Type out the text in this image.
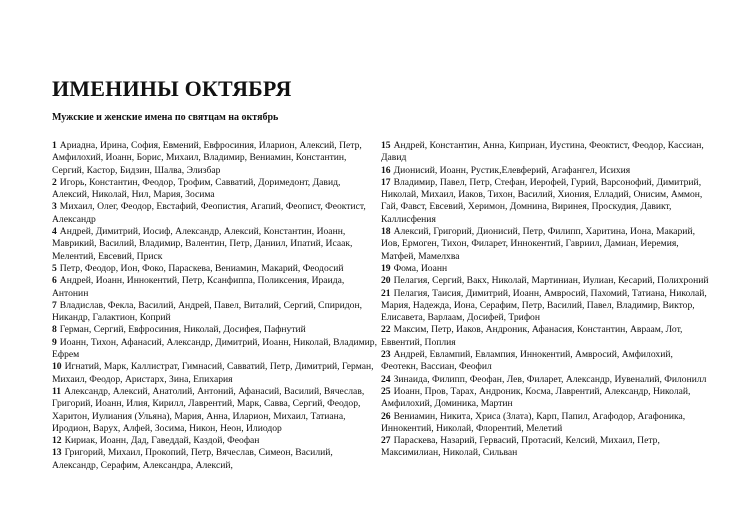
ИМЕНИНЫ ОКТЯБРЯ
Мужские и женские имена по святцам на октябрь

1 Ариадна, Ирина, София, Евмений, Евфросиния, Иларион, Алексий, Петр, Амфилохий, Иоанн, Борис, Михаил, Владимир, Вениамин, Константин, Сергий, Кастор, Бидзин, Шалва, Элизбар

2 Игорь, Константин, Феодор, Трофим, Савватий, Доримедонт, Давид, Алексий, Николай, Нил, Мария, Зосима

3 Михаил, Олег, Феодор, Евстафий, Феопистия, Агапий, Феопист, Феоктист, Александр

4 Андрей, Димитрий, Иосиф, Александр, Алексий, Константин, Иоанн, Маврикий, Василий, Владимир, Валентин, Петр, Даниил, Ипатий, Исаак, Мелентий, Евсевий, Приск

5 Петр, Феодор, Ион, Фоко, Параскева, Вениамин, Макарий, Феодосий

6 Андрей, Иоанн, Иннокентий, Петр, Ксанфиппа, Поликсения, Ираида, Антонин

7 Владислав, Фекла, Василий, Андрей, Павел, Виталий, Сергий, Спиридон, Никандр, Галактион, Коприй

8 Герман, Сергий, Евфросиния, Николай, Досифея, Пафнутий

9 Иоанн, Тихон, Афанасий, Александр, Димитрий, Иоанн, Николай, Владимир, Ефрем

10 Игнатий, Марк, Каллистрат, Гимнасий, Савватий, Петр, Димитрий, Герман, Михаил, Феодор, Аристарх, Зина, Епихария

11 Александр, Алексий, Анатолий, Антоний, Афанасий, Василий, Вячеслав, Григорий, Иоанн, Илия, Кирилл, Лаврентий, Марк, Савва, Сергий, Феодор, Харитон, Иулиания (Ульяна), Мария, Анна, Иларион, Михаил, Татиана, Иродион, Варух, Алфей, Зосима, Никон, Неон, Илиодор

12 Кириак, Иоанн, Дад, Гаведдай, Каздой, Феофан

13 Григорий, Михаил, Прокопий, Петр, Вячеслав, Симеон, Василий, Александр, Серафим, Александра, Алексий,

15 Андрей, Константин, Анна, Киприан, Иустина, Феоктист, Феодор, Кассиан, Давид

16 Дионисий, Иоанн, Рустик,Елевферий, Агафангел, Исихия

17 Владимир, Павел, Петр, Стефан, Иерофей, Гурий, Варсонофий, Димитрий, Николай, Михаил, Иаков, Тихон, Василий, Хиония, Елладий, Онисим, Аммон, Гай, Фавст, Евсевий, Херимон, Домнина, Виринея, Проскудия, Давикт, Каллисфения

18 Алексий, Григорий, Дионисий, Петр, Филипп, Харитина, Иона, Макарий, Иов, Ермоген, Тихон, Филарет, Иннокентий, Гавриил, Дамиан, Иеремия, Матфей, Мамелхва

19 Фома, Иоанн

20 Пелагия, Сергий, Вакх, Николай, Мартиниан, Иулиан, Кесарий, Полихроний

21 Пелагия, Таисия, Димитрий, Иоанн, Амвросий, Пахомий, Татиана, Николай, Мария, Надежда, Иона, Серафим, Петр, Василий, Павел, Владимир, Виктор, Елисавета, Варлаам, Досифей, Трифон

22 Максим, Петр, Иаков, Андроник, Афанасия, Константин, Авраам, Лот, Еввентий, Поплия

23 Андрей, Евлампий, Евлампия, Иннокентий, Амвросий, Амфилохий, Феотекн, Вассиан, Феофил

24 Зинаида, Филипп, Феофан, Лев, Филарет, Александр, Иувеналий, Филонилл

25 Иоанн, Пров, Тарах, Андроник, Косма, Лаврентий, Александр, Николай, Амфилохий, Доминика, Мартин

26 Вениамин, Никита, Хриса (Злата), Карп, Папил, Агафодор, Агафоника, Иннокентий, Николай, Флорентий, Мелетий

27 Параскева, Назарий, Гервасий, Протасий, Келсий, Михаил, Петр, Максимилиан, Николай, Сильван
